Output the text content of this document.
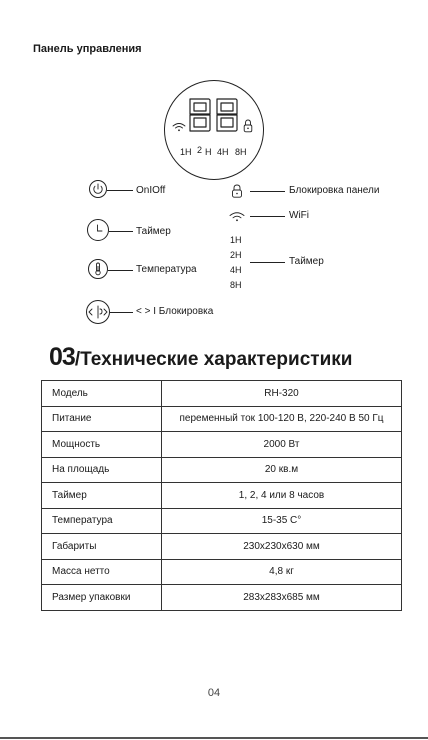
Панель управления
1H 2 H 4H 8H
OnIOff
Таймер
Температура
< > I Блокировка
Блокировка панели
WiFi
1H
2H
4H
8H
Таймер
03/Технические характеристики
Модель	RH-320
Питание	переменный ток 100-120 В, 220-240 В 50 Гц
Мощность	2000 Вт
На площадь	20 кв.м
Таймер	1, 2, 4 или 8 часов
Температура	15-35 С°
Габариты	230x230x630 мм
Масса нетто	4,8 кг
Размер упаковки	283x283x685 мм
04
